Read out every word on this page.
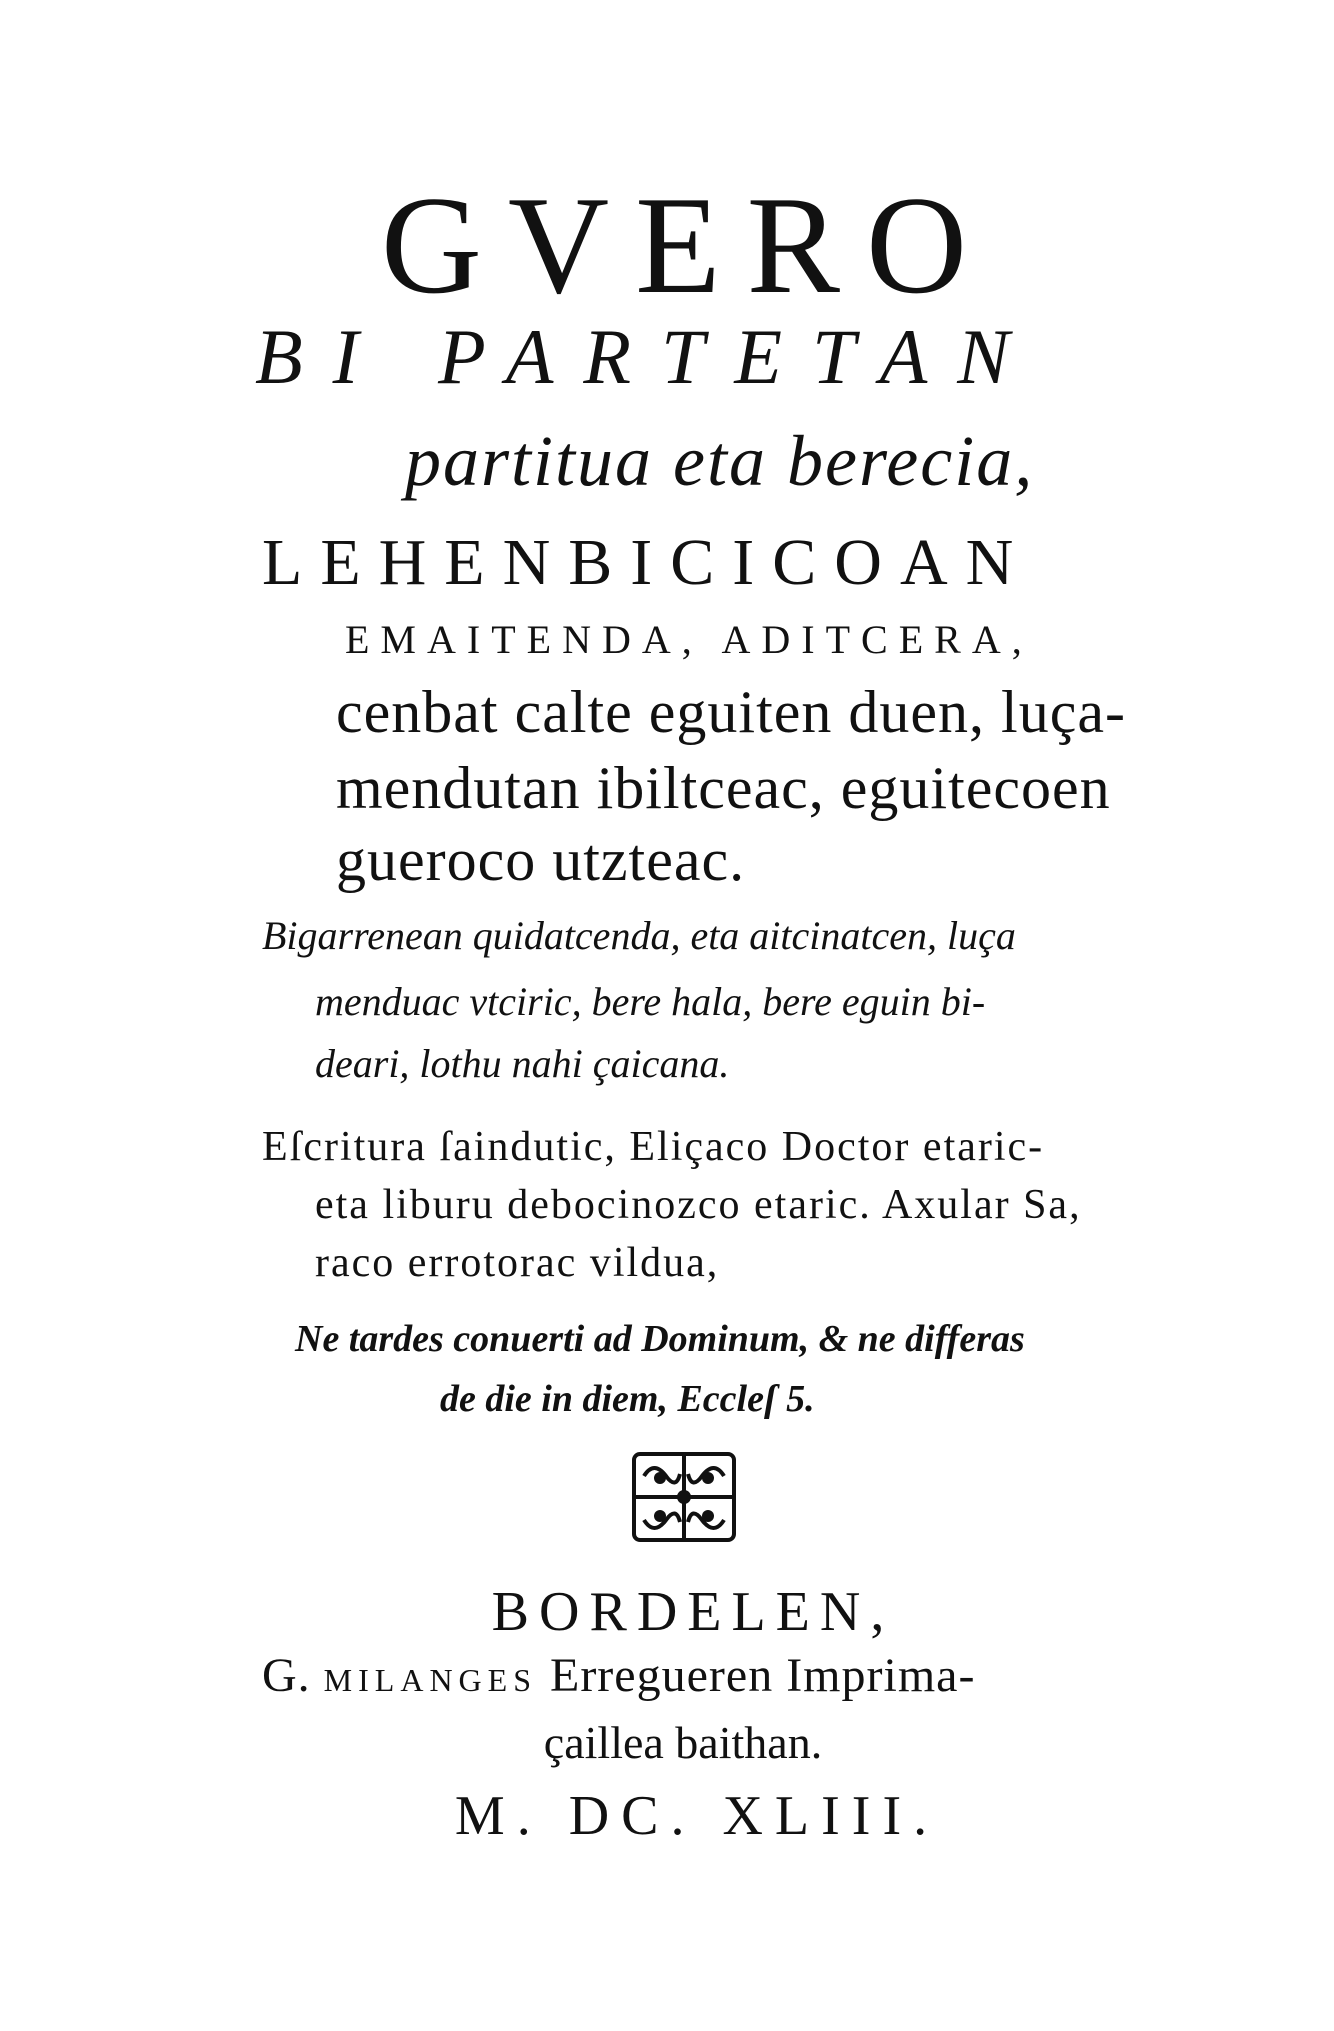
GVERO
BI PARTETAN
partitua eta berecia,
LEHENBICICOAN
EMAITENDA, ADITCERA,
cenbat calte eguiten duen, luça-
mendutan ibiltceac, eguitecoen
gueroco utzteac.
Bigarrenean quidatcenda, eta aitcinatcen, luça
menduac vtciric, bere hala, bere eguin bi-
deari, lothu nahi çaicana.
Eſcritura ſaindutic, Eliçaco Doctor etaric-
eta liburu debocinozco etaric. Axular Sa,
raco errotorac vildua,
Ne tardes conuerti ad Dominum, & ne differas
de die in diem, Eccleſ 5.
BORDELEN,
G. MILANGES Erregueren Imprima-
çaillea baithan.
M. DC. XLIII.
